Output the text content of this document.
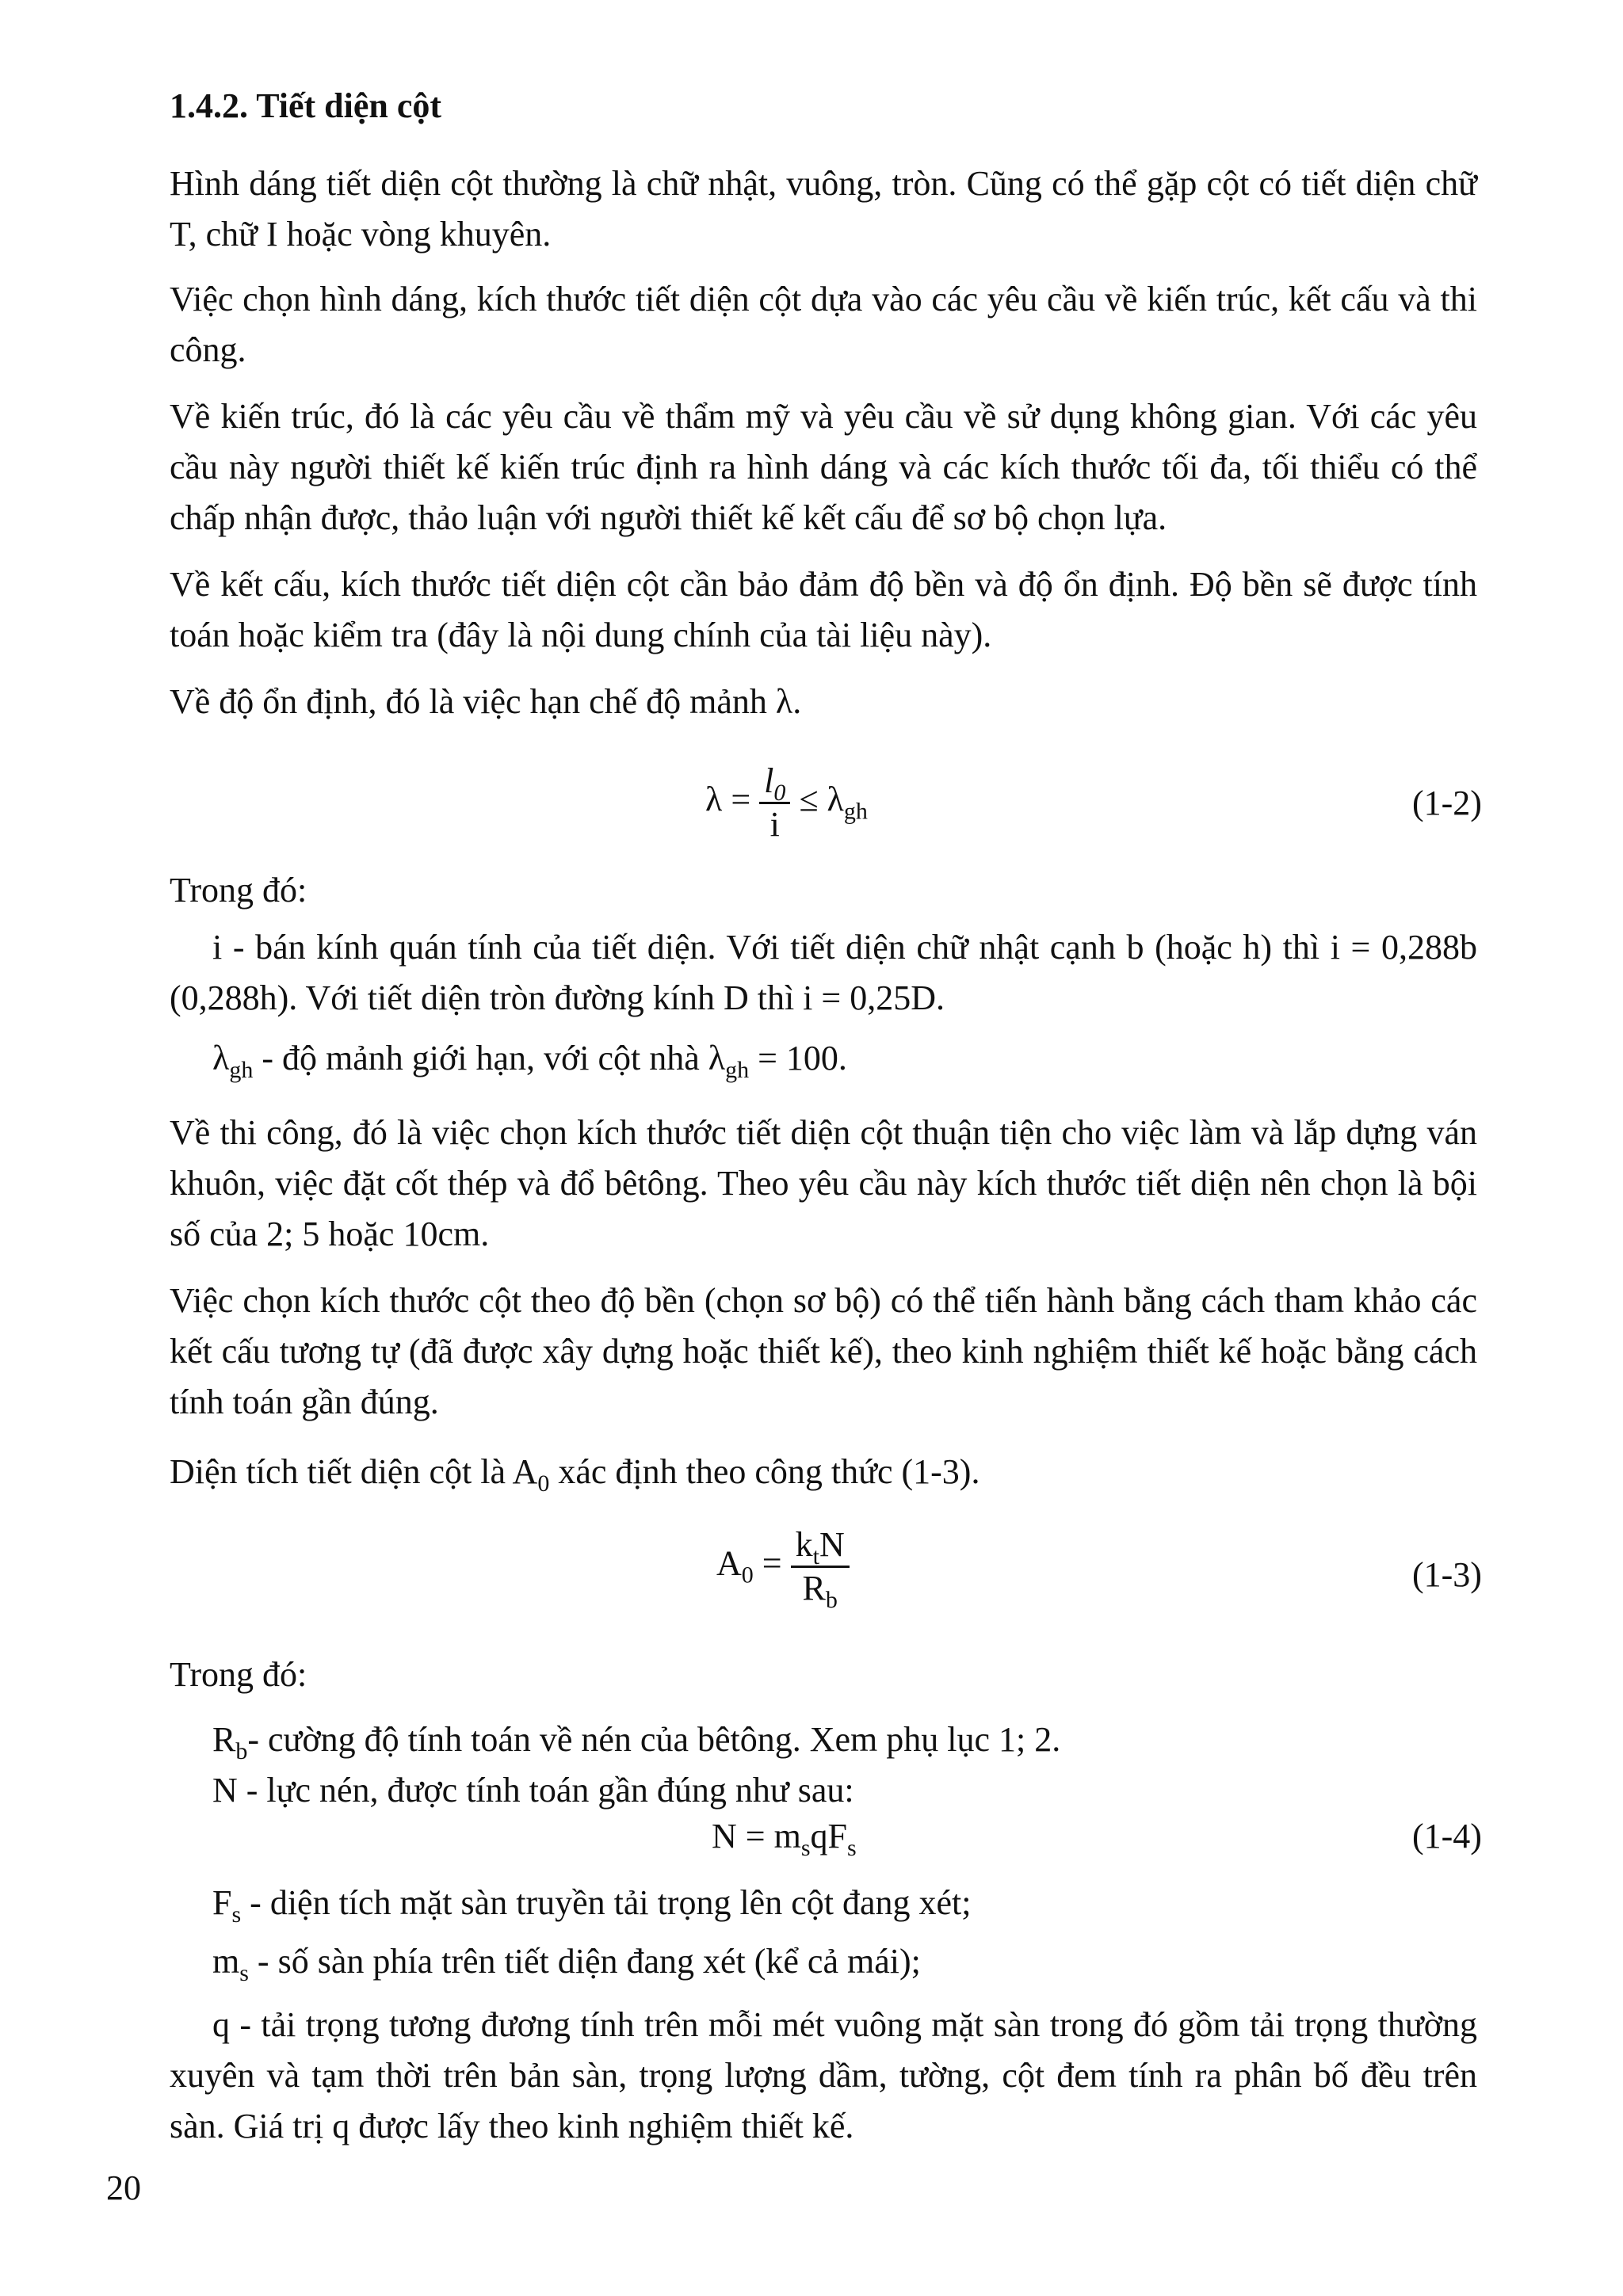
1.4.2. Tiết diện cột

Hình dáng tiết diện cột thường là chữ nhật, vuông, tròn. Cũng có thể gặp cột có tiết diện chữ T, chữ I hoặc vòng khuyên.

Việc chọn hình dáng, kích thước tiết diện cột dựa vào các yêu cầu về kiến trúc, kết cấu và thi công.

Về kiến trúc, đó là các yêu cầu về thẩm mỹ và yêu cầu về sử dụng không gian. Với các yêu cầu này người thiết kế kiến trúc định ra hình dáng và các kích thước tối đa, tối thiểu có thể chấp nhận được, thảo luận với người thiết kế kết cấu để sơ bộ chọn lựa.

Về kết cấu, kích thước tiết diện cột cần bảo đảm độ bền và độ ổn định. Độ bền sẽ được tính toán hoặc kiểm tra (đây là nội dung chính của tài liệu này).

Về độ ổn định, đó là việc hạn chế độ mảnh λ.

$\lambda = \frac{l_0}{i} \le \lambda_{gh}$	(1-2)

Trong đó:

i - bán kính quán tính của tiết diện. Với tiết diện chữ nhật cạnh b (hoặc h) thì i = 0,288b (0,288h). Với tiết diện tròn đường kính D thì i = 0,25D.

$\lambda_{gh}$ - độ mảnh giới hạn, với cột nhà $\lambda_{gh} = 100$.

Về thi công, đó là việc chọn kích thước tiết diện cột thuận tiện cho việc làm và lắp dựng ván khuôn, việc đặt cốt thép và đổ bêtông. Theo yêu cầu này kích thước tiết diện nên chọn là bội số của 2; 5 hoặc 10cm.

Việc chọn kích thước cột theo độ bền (chọn sơ bộ) có thể tiến hành bằng cách tham khảo các kết cấu tương tự (đã được xây dựng hoặc thiết kế), theo kinh nghiệm thiết kế hoặc bằng cách tính toán gần đúng.

Diện tích tiết diện cột là $A_0$ xác định theo công thức (1-3).

$A_0 = \frac{k_tN}{R_b}$	(1-3)

Trong đó:

$R_b-$ cường độ tính toán về nén của bêtông. Xem phụ lục 1; 2.

N - lực nén, được tính toán gần đúng như sau:

$N = m_sqF_s$	(1-4)

$F_s$ - diện tích mặt sàn truyền tải trọng lên cột đang xét;

$m_s$ - số sàn phía trên tiết diện đang xét (kể cả mái);

q - tải trọng tương đương tính trên mỗi mét vuông mặt sàn trong đó gồm tải trọng thường xuyên và tạm thời trên bản sàn, trọng lượng dầm, tường, cột đem tính ra phân bố đều trên sàn. Giá trị q được lấy theo kinh nghiệm thiết kế.

20
